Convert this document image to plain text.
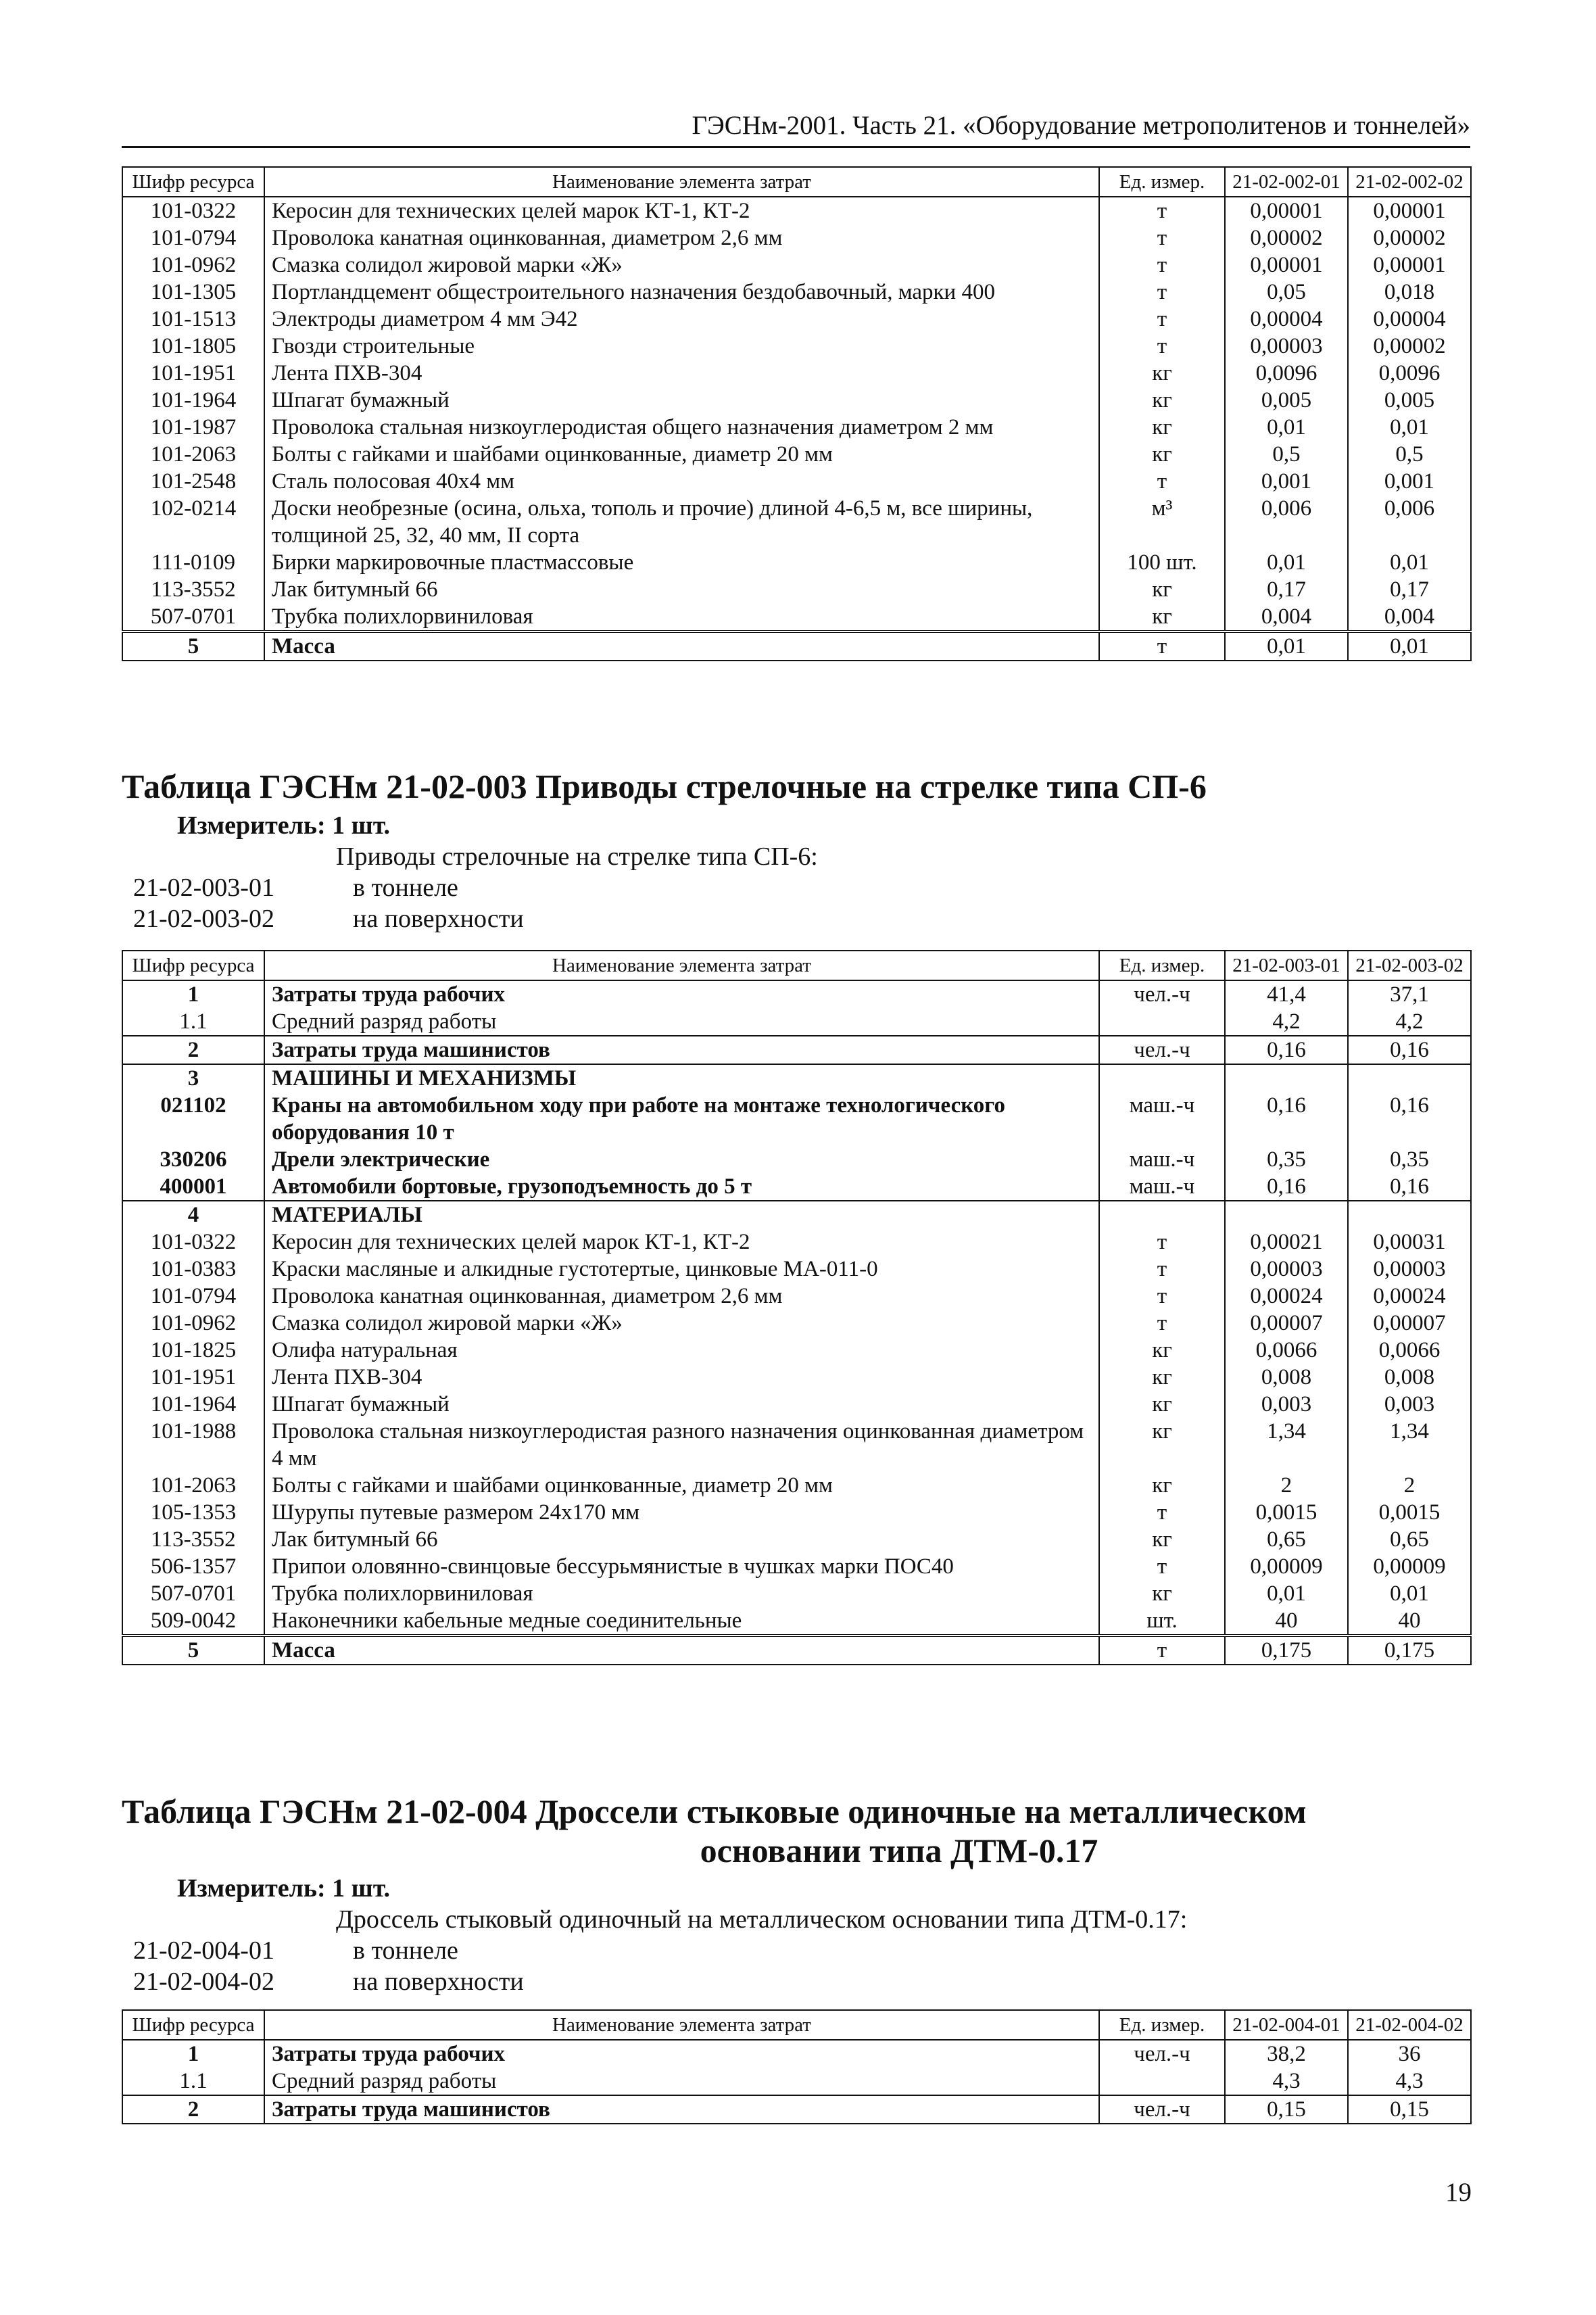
ГЭСНм-2001. Часть 21. «Оборудование метрополитенов и тоннелей»
Шифр ресурса	Наименование элемента затрат	Ед. измер.	21-02-002-01	21-02-002-02
101-0322	Керосин для технических целей марок КТ-1, КТ-2	т	0,00001	0,00001
101-0794	Проволока канатная оцинкованная, диаметром 2,6 мм	т	0,00002	0,00002
101-0962	Смазка солидол жировой марки «Ж»	т	0,00001	0,00001
101-1305	Портландцемент общестроительного назначения бездобавочный, марки 400	т	0,05	0,018
101-1513	Электроды диаметром 4 мм Э42	т	0,00004	0,00004
101-1805	Гвозди строительные	т	0,00003	0,00002
101-1951	Лента ПХВ-304	кг	0,0096	0,0096
101-1964	Шпагат бумажный	кг	0,005	0,005
101-1987	Проволока стальная низкоуглеродистая общего назначения диаметром 2 мм	кг	0,01	0,01
101-2063	Болты с гайками и шайбами оцинкованные, диаметр 20 мм	кг	0,5	0,5
101-2548	Сталь полосовая 40х4 мм	т	0,001	0,001
102-0214	Доски необрезные (осина, ольха, тополь и прочие) длиной 4-6,5 м, все ширины, толщиной 25, 32, 40 мм, II сорта	м³	0,006	0,006
111-0109	Бирки маркировочные пластмассовые	100 шт.	0,01	0,01
113-3552	Лак битумный 66	кг	0,17	0,17
507-0701	Трубка полихлорвиниловая	кг	0,004	0,004
5	Масса	т	0,01	0,01
Таблица ГЭСНм 21-02-003 Приводы стрелочные на стрелке типа СП-6
Измеритель: 1 шт.
Приводы стрелочные на стрелке типа СП-6:
21-02-003-01	в тоннеле
21-02-003-02	на поверхности
Шифр ресурса	Наименование элемента затрат	Ед. измер.	21-02-003-01	21-02-003-02
1	Затраты труда рабочих	чел.-ч	41,4	37,1
1.1	Средний разряд работы		4,2	4,2
2	Затраты труда машинистов	чел.-ч	0,16	0,16
3	МАШИНЫ И МЕХАНИЗМЫ			
021102	Краны на автомобильном ходу при работе на монтаже технологического оборудования 10 т	маш.-ч	0,16	0,16
330206	Дрели электрические	маш.-ч	0,35	0,35
400001	Автомобили бортовые, грузоподъемность до 5 т	маш.-ч	0,16	0,16
4	МАТЕРИАЛЫ			
101-0322	Керосин для технических целей марок КТ-1, КТ-2	т	0,00021	0,00031
101-0383	Краски масляные и алкидные густотертые, цинковые МА-011-0	т	0,00003	0,00003
101-0794	Проволока канатная оцинкованная, диаметром 2,6 мм	т	0,00024	0,00024
101-0962	Смазка солидол жировой марки «Ж»	т	0,00007	0,00007
101-1825	Олифа натуральная	кг	0,0066	0,0066
101-1951	Лента ПХВ-304	кг	0,008	0,008
101-1964	Шпагат бумажный	кг	0,003	0,003
101-1988	Проволока стальная низкоуглеродистая разного назначения оцинкованная диаметром 4 мм	кг	1,34	1,34
101-2063	Болты с гайками и шайбами оцинкованные, диаметр 20 мм	кг	2	2
105-1353	Шурупы путевые размером 24х170 мм	т	0,0015	0,0015
113-3552	Лак битумный 66	кг	0,65	0,65
506-1357	Припои оловянно-свинцовые бессурьмянистые в чушках марки ПОС40	т	0,00009	0,00009
507-0701	Трубка полихлорвиниловая	кг	0,01	0,01
509-0042	Наконечники кабельные медные соединительные	шт.	40	40
5	Масса	т	0,175	0,175
Таблица ГЭСНм 21-02-004 Дроссели стыковые одиночные на металлическом
основании типа ДТМ-0.17
Измеритель: 1 шт.
Дроссель стыковый одиночный на металлическом основании типа ДТМ-0.17:
21-02-004-01	в тоннеле
21-02-004-02	на поверхности
Шифр ресурса	Наименование элемента затрат	Ед. измер.	21-02-004-01	21-02-004-02
1	Затраты труда рабочих	чел.-ч	38,2	36
1.1	Средний разряд работы		4,3	4,3
2	Затраты труда машинистов	чел.-ч	0,15	0,15
19
